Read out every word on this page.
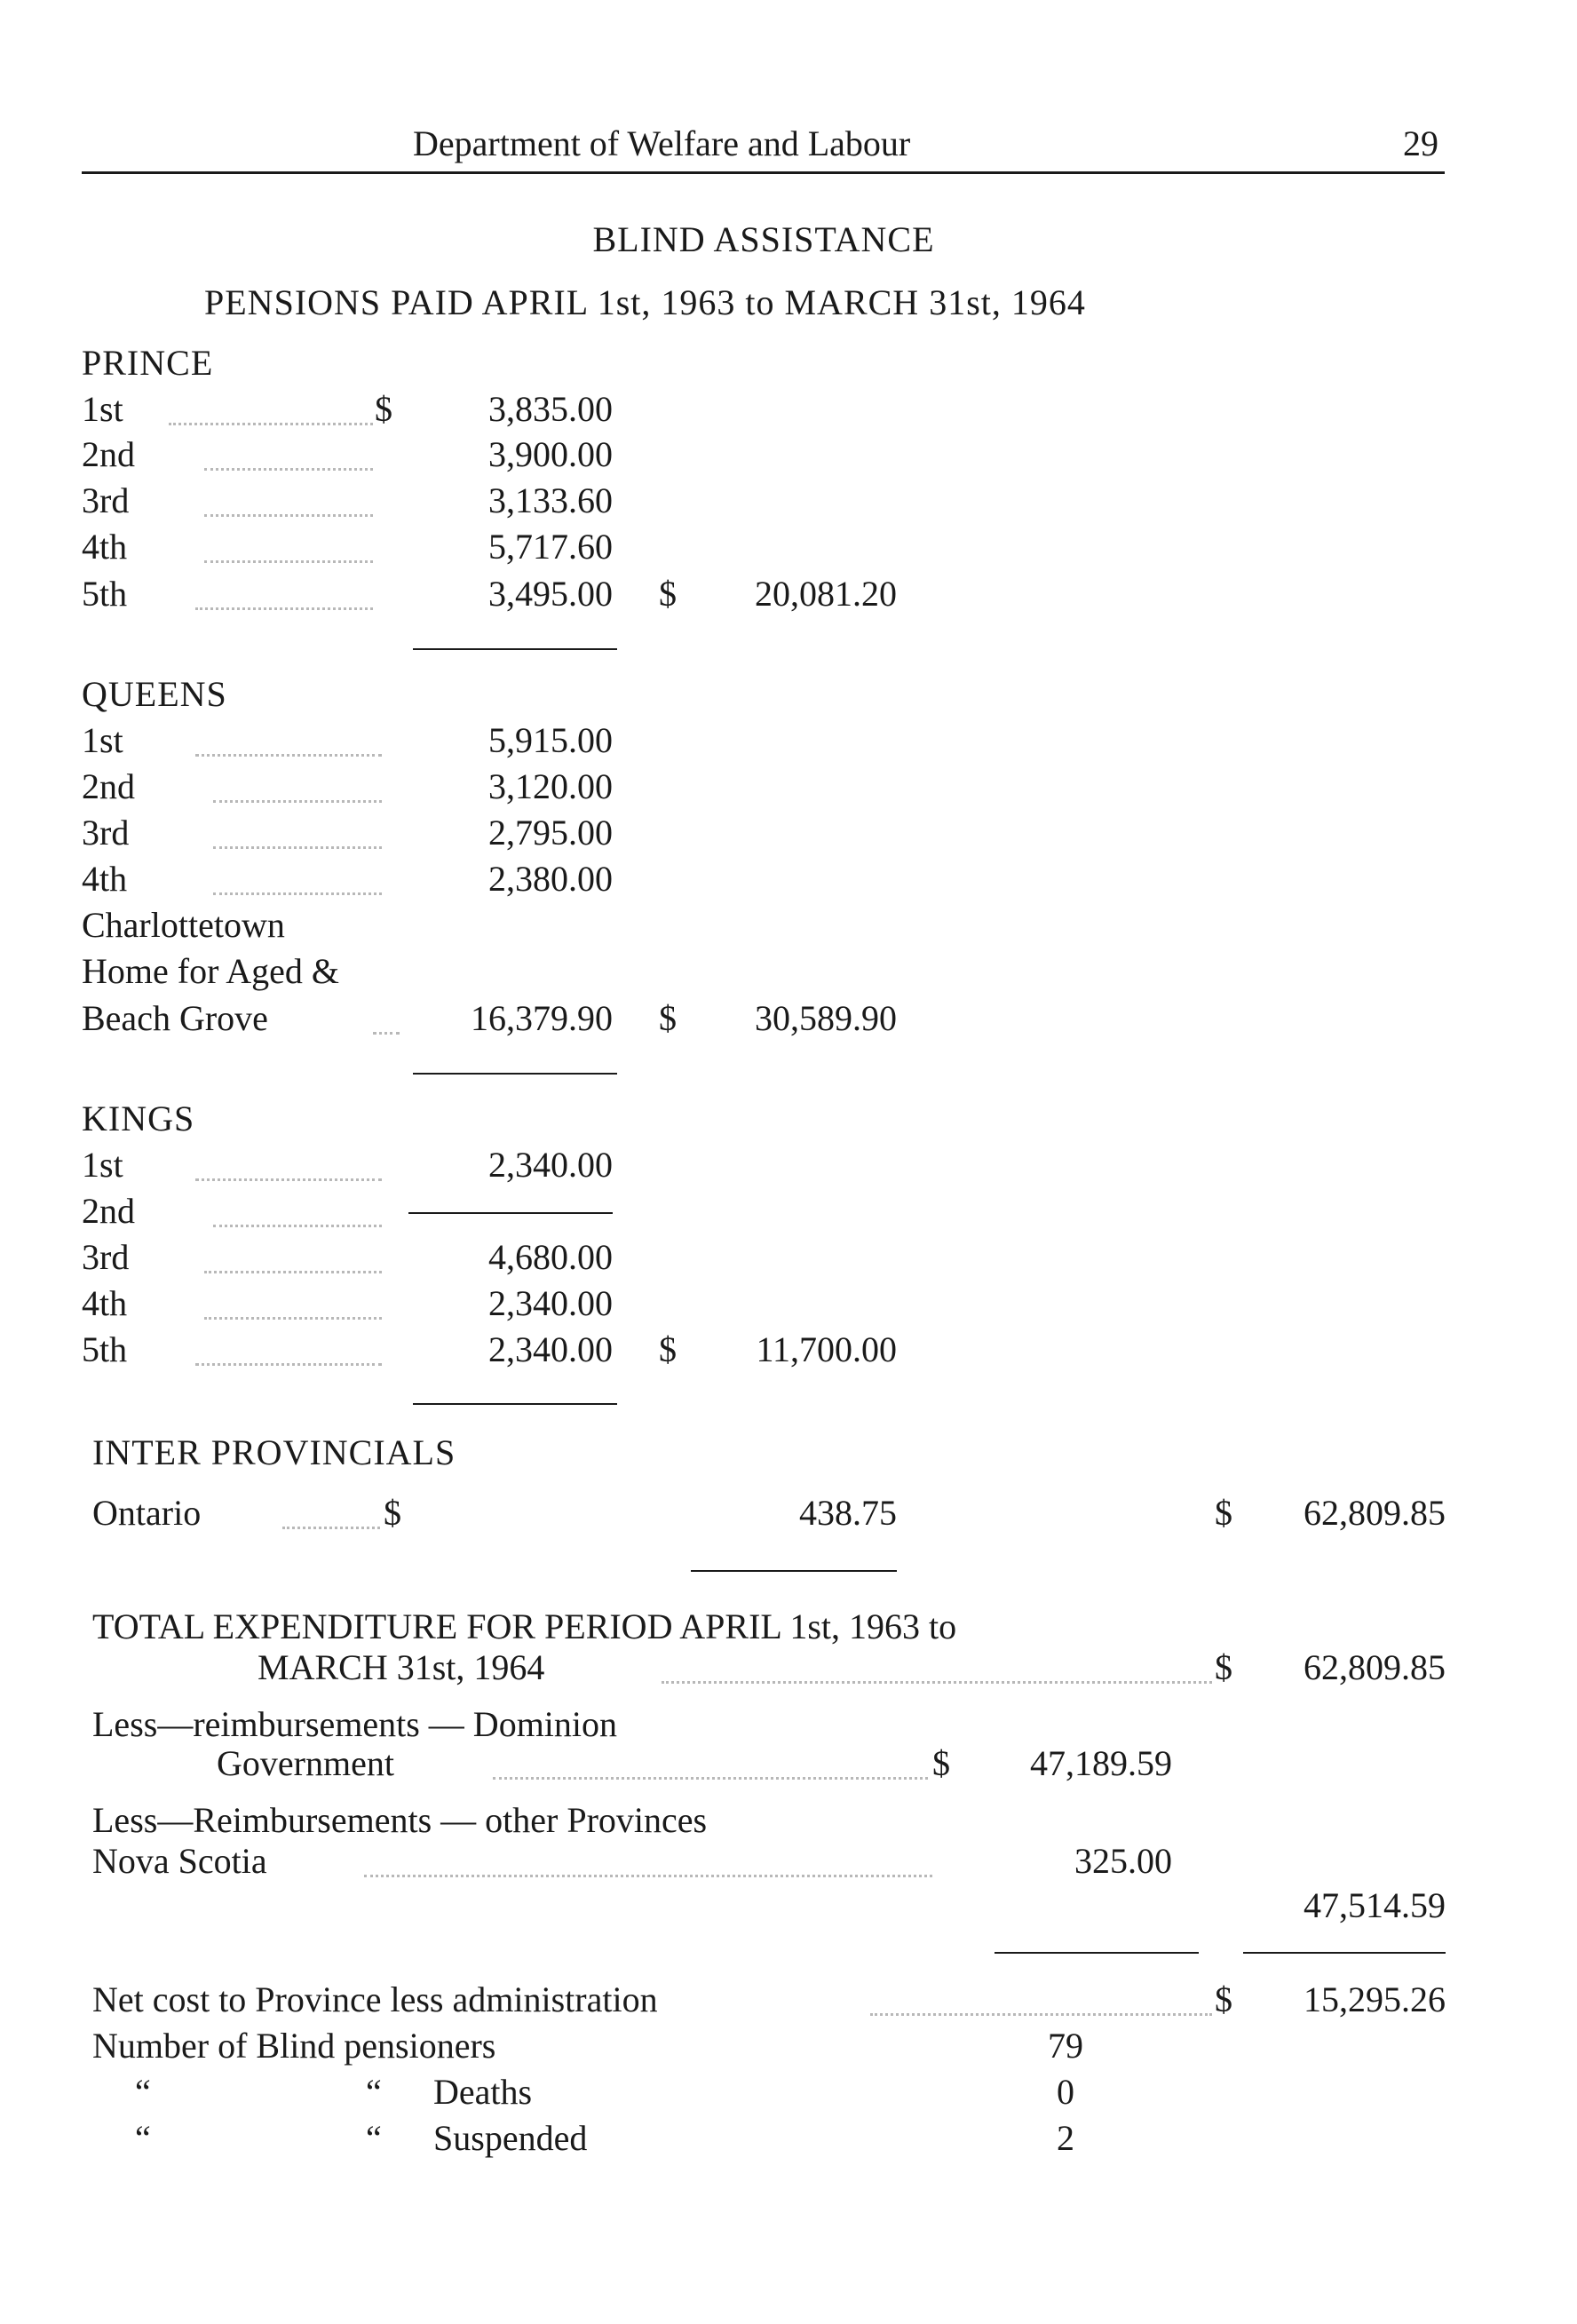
Department of Welfare and Labour	29
BLIND ASSISTANCE
PENSIONS PAID APRIL 1st, 1963 to MARCH 31st, 1964
PRINCE
1st	$	3,835.00
2nd	3,900.00
3rd	3,133.60
4th	5,717.60
5th	3,495.00 $	20,081.20
QUEENS
1st	5,915.00
2nd	3,120.00
3rd	2,795.00
4th	2,380.00
Charlottetown
Home for Aged &
Beach Grove	16,379.90 $	30,589.90
KINGS
1st	2,340.00
2nd
3rd	4,680.00
4th	2,340.00
5th	2,340.00 $	11,700.00
INTER PROVINCIALS
Ontario	$	438.75	$	62,809.85
TOTAL EXPENDITURE FOR PERIOD APRIL 1st, 1963 to
MARCH 31st, 1964	$	62,809.85
Less—reimbursements — Dominion
Government	$	47,189.59
Less—Reimbursements — other Provinces
Nova Scotia	325.00
47,514.59
Net cost to Province less administration	$	15,295.26
Number of Blind pensioners	79
“	“ Deaths	0
“	“ Suspended	2
